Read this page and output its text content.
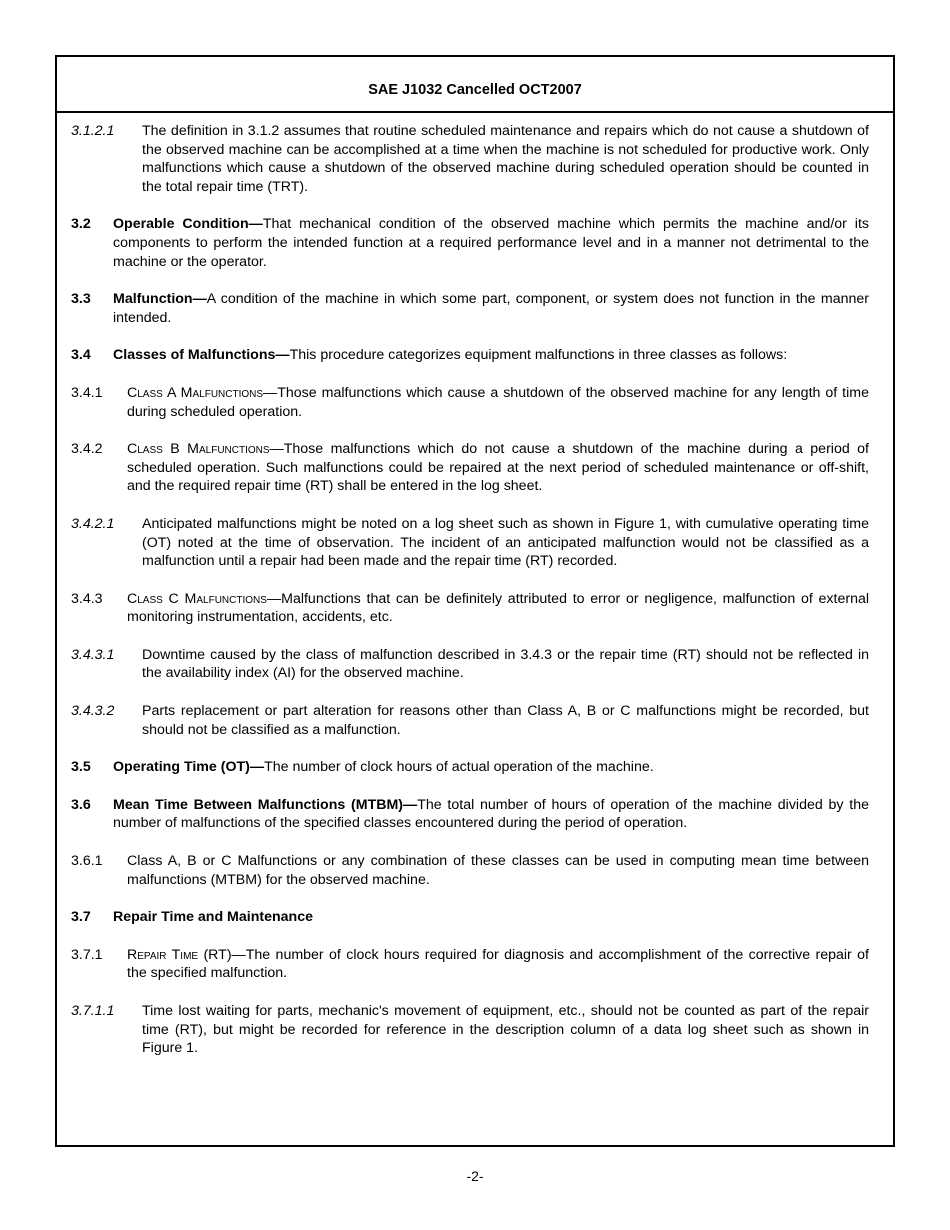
SAE J1032 Cancelled OCT2007
3.1.2.1 The definition in 3.1.2 assumes that routine scheduled maintenance and repairs which do not cause a shutdown of the observed machine can be accomplished at a time when the machine is not scheduled for productive work. Only malfunctions which cause a shutdown of the observed machine during scheduled operation should be counted in the total repair time (TRT).
3.2 Operable Condition—That mechanical condition of the observed machine which permits the machine and/or its components to perform the intended function at a required performance level and in a manner not detrimental to the machine or the operator.
3.3 Malfunction—A condition of the machine in which some part, component, or system does not function in the manner intended.
3.4 Classes of Malfunctions—This procedure categorizes equipment malfunctions in three classes as follows:
3.4.1 Class A Malfunctions—Those malfunctions which cause a shutdown of the observed machine for any length of time during scheduled operation.
3.4.2 Class B Malfunctions—Those malfunctions which do not cause a shutdown of the machine during a period of scheduled operation. Such malfunctions could be repaired at the next period of scheduled maintenance or off-shift, and the required repair time (RT) shall be entered in the log sheet.
3.4.2.1 Anticipated malfunctions might be noted on a log sheet such as shown in Figure 1, with cumulative operating time (OT) noted at the time of observation. The incident of an anticipated malfunction would not be classified as a malfunction until a repair had been made and the repair time (RT) recorded.
3.4.3 Class C Malfunctions—Malfunctions that can be definitely attributed to error or negligence, malfunction of external monitoring instrumentation, accidents, etc.
3.4.3.1 Downtime caused by the class of malfunction described in 3.4.3 or the repair time (RT) should not be reflected in the availability index (AI) for the observed machine.
3.4.3.2 Parts replacement or part alteration for reasons other than Class A, B or C malfunctions might be recorded, but should not be classified as a malfunction.
3.5 Operating Time (OT)—The number of clock hours of actual operation of the machine.
3.6 Mean Time Between Malfunctions (MTBM)—The total number of hours of operation of the machine divided by the number of malfunctions of the specified classes encountered during the period of operation.
3.6.1 Class A, B or C Malfunctions or any combination of these classes can be used in computing mean time between malfunctions (MTBM) for the observed machine.
3.7 Repair Time and Maintenance
3.7.1 Repair Time (RT)—The number of clock hours required for diagnosis and accomplishment of the corrective repair of the specified malfunction.
3.7.1.1 Time lost waiting for parts, mechanic's movement of equipment, etc., should not be counted as part of the repair time (RT), but might be recorded for reference in the description column of a data log sheet such as shown in Figure 1.
-2-
